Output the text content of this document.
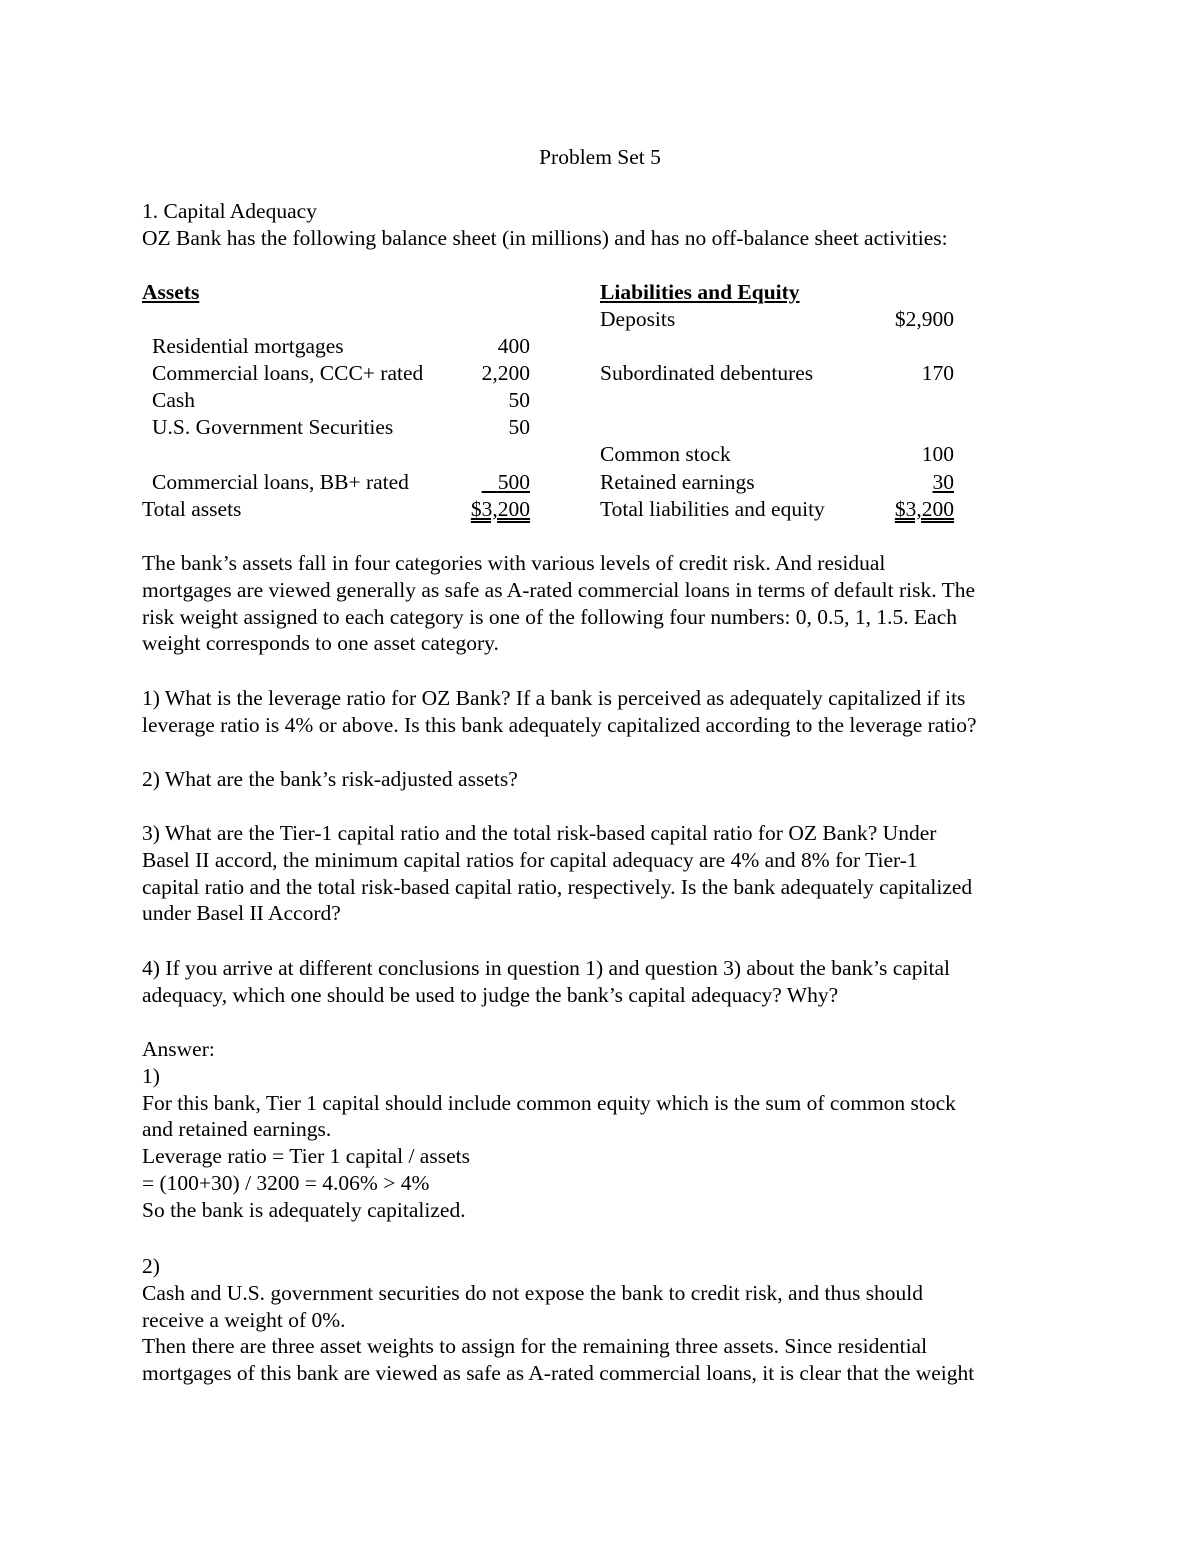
Problem Set 5
1. Capital Adequacy
OZ Bank has the following balance sheet (in millions) and has no off-balance sheet activities:
Assets
Residential mortgages	400
Commercial loans, CCC+ rated	2,200
Cash	50
U.S. Government Securities	50
Commercial loans, BB+ rated	500
Total assets	$3,200
Liabilities and Equity
Deposits	$2,900
Subordinated debentures	170
Common stock	100
Retained earnings	30
Total liabilities and equity	$3,200
The bank’s assets fall in four categories with various levels of credit risk. And residual
mortgages are viewed generally as safe as A-rated commercial loans in terms of default risk. The
risk weight assigned to each category is one of the following four numbers: 0, 0.5, 1, 1.5. Each
weight corresponds to one asset category.
1) What is the leverage ratio for OZ Bank? If a bank is perceived as adequately capitalized if its
leverage ratio is 4% or above. Is this bank adequately capitalized according to the leverage ratio?
2) What are the bank’s risk-adjusted assets?
3) What are the Tier-1 capital ratio and the total risk-based capital ratio for OZ Bank? Under
Basel II accord, the minimum capital ratios for capital adequacy are 4% and 8% for Tier-1
capital ratio and the total risk-based capital ratio, respectively. Is the bank adequately capitalized
under Basel II Accord?
4) If you arrive at different conclusions in question 1) and question 3) about the bank’s capital
adequacy, which one should be used to judge the bank’s capital adequacy? Why?
Answer:
1)
For this bank, Tier 1 capital should include common equity which is the sum of common stock
and retained earnings.
Leverage ratio = Tier 1 capital / assets
= (100+30) / 3200 = 4.06% > 4%
So the bank is adequately capitalized.
2)
Cash and U.S. government securities do not expose the bank to credit risk, and thus should
receive a weight of 0%.
Then there are three asset weights to assign for the remaining three assets. Since residential
mortgages of this bank are viewed as safe as A-rated commercial loans, it is clear that the weight
